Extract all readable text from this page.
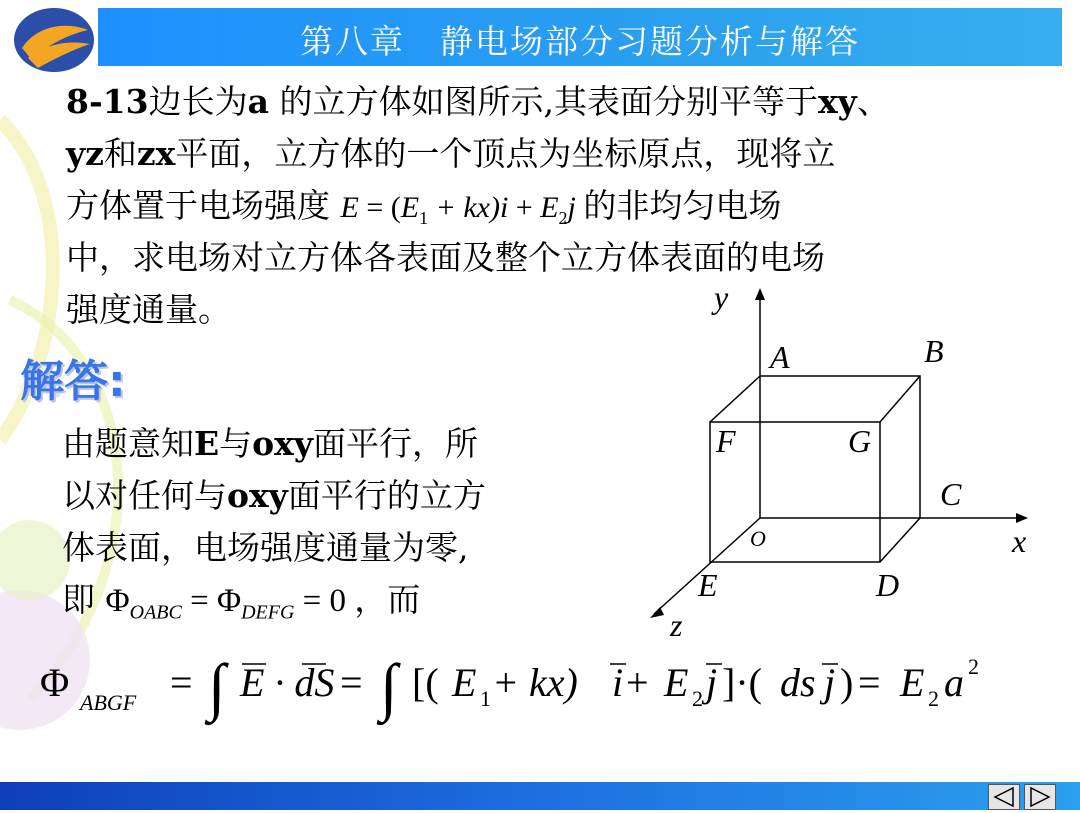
第八章　静电场部分习题分析与解答
8-13边长为a 的立方体如图所示,其表面分别平等于xy、
yz和zx平面，立方体的一个顶点为坐标原点，现将立
方体置于电场强度 $E = (E_1 + kx)i + E_2j$ 的非均匀电场
中，求电场对立方体各表面及整个立方体表面的电场
强度通量。
解答:
由题意知E与oxy面平行，所
以对任何与oxy面平行的立方
体表面，电场强度通量为零,
即 $\Phi_{OABC} = \Phi_{DEFG} = 0$ ，而
y
x
z
A	B
C
D
E
F	G
O
Φ ABGF = ∫ E · dS = ∫ [( E 1 + kx) i + E 2 j ]·( ds j ) = E 2 a 2
